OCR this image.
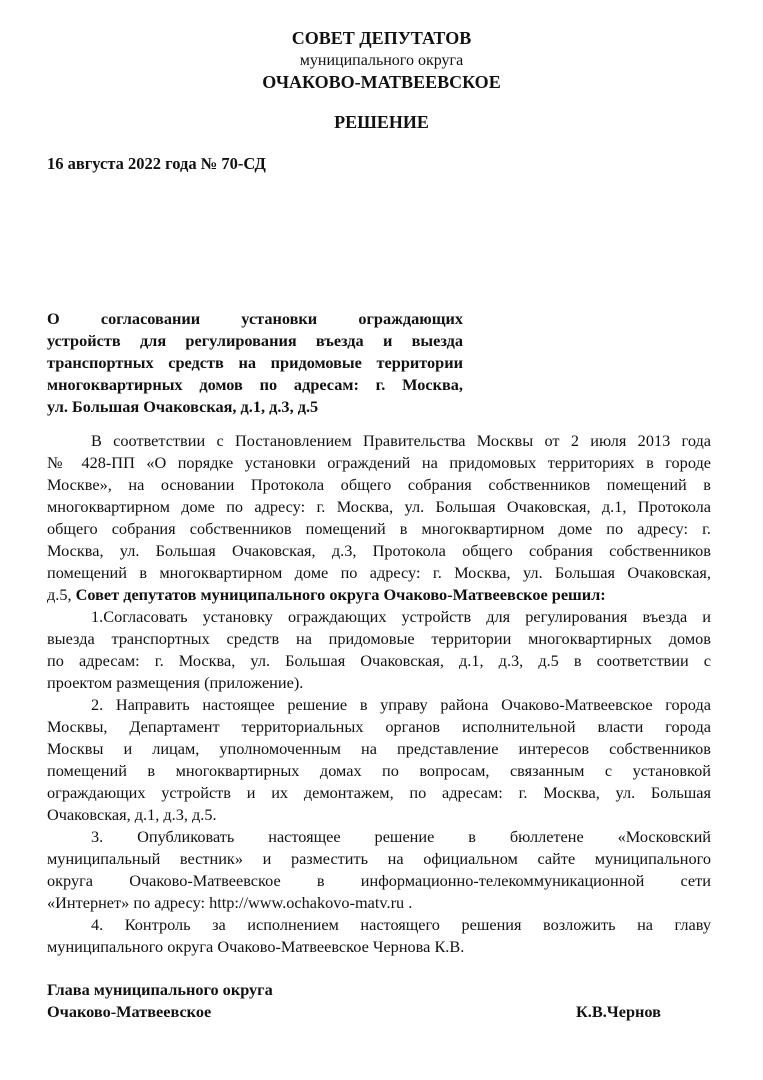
СОВЕТ ДЕПУТАТОВ
муниципального округа
ОЧАКОВО-МАТВЕЕВСКОЕ
РЕШЕНИЕ
16 августа 2022 года № 70-СД
О согласовании установки ограждающих
устройств для регулирования въезда и выезда
транспортных средств на придомовые территории
многоквартирных домов по адресам: г. Москва,
ул. Большая Очаковская, д.1, д.3, д.5
В соответствии с Постановлением Правительства Москвы от 2 июля 2013 года
№ 428-ПП «О порядке установки ограждений на придомовых территориях в городе
Москве», на основании Протокола общего собрания собственников помещений в
многоквартирном доме по адресу: г. Москва, ул. Большая Очаковская, д.1, Протокола
общего собрания собственников помещений в многоквартирном доме по адресу: г.
Москва, ул. Большая Очаковская, д.3, Протокола общего собрания собственников
помещений в многоквартирном доме по адресу: г. Москва, ул. Большая Очаковская,
д.5, Совет депутатов муниципального округа Очаково-Матвеевское решил:
1.Согласовать установку ограждающих устройств для регулирования въезда и
выезда транспортных средств на придомовые территории многоквартирных домов
по адресам: г. Москва, ул. Большая Очаковская, д.1, д.3, д.5 в соответствии с
проектом размещения (приложение).
2. Направить настоящее решение в управу района Очаково-Матвеевское города
Москвы, Департамент территориальных органов исполнительной власти города
Москвы и лицам, уполномоченным на представление интересов собственников
помещений в многоквартирных домах по вопросам, связанным с установкой
ограждающих устройств и их демонтажем, по адресам: г. Москва, ул. Большая
Очаковская, д.1, д.3, д.5.
3. Опубликовать настоящее решение в бюллетене «Московский
муниципальный вестник» и разместить на официальном сайте муниципального
округа Очаково-Матвеевское в информационно-телекоммуникационной сети
«Интернет» по адресу: http://www.ochakovo-matv.ru .
4. Контроль за исполнением настоящего решения возложить на главу
муниципального округа Очаково-Матвеевское Чернова К.В.
Глава муниципального округа
Очаково-Матвеевское	К.В.Чернов
